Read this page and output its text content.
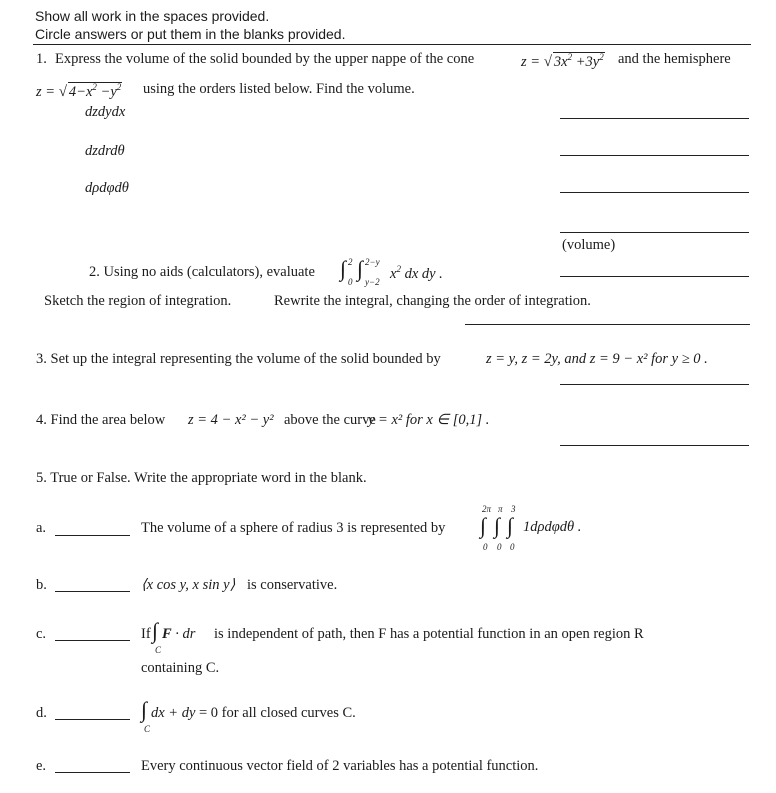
Show all work in the spaces provided.
Circle answers or put them in the blanks provided.
1. Express the volume of the solid bounded by the upper nappe of the cone	z = √ $3x^2 +3y^2$ and the hemisphere
z = √ $4-x^2 -y^2$ using the orders listed below. Find the volume.
dzdydx
dzdrdθ
dρdφdθ
(volume)
2. Using no aids (calculators), evaluate ∫ 2
0
∫ 2−y
y−2 $x^2$ dx dy .
Sketch the region of integration.	Rewrite the integral, changing the order of integration.
3. Set up the integral representing the volume of the solid bounded by	z = y, z = 2y, and z = 9 − x² for y ≥ 0 .
4. Find the area below z = 4 − x² − y² above the curve
y = x² for x ∈ [0,1] .
5. True or False. Write the appropriate word in the blank.
a.	The volume of a sphere of radius 3 is represented by
2π π 3
∫ ∫ ∫
0 0 0
1dρdφdθ .
b.	⟨x cos y, x sin y⟩ is conservative.
c.	If ∫ F · dr
C
is independent of path, then F has a potential function in an open region R
containing C.
d.	∫ dx + dy
C
= 0 for all closed curves C.
e.	Every continuous vector field of 2 variables has a potential function.
